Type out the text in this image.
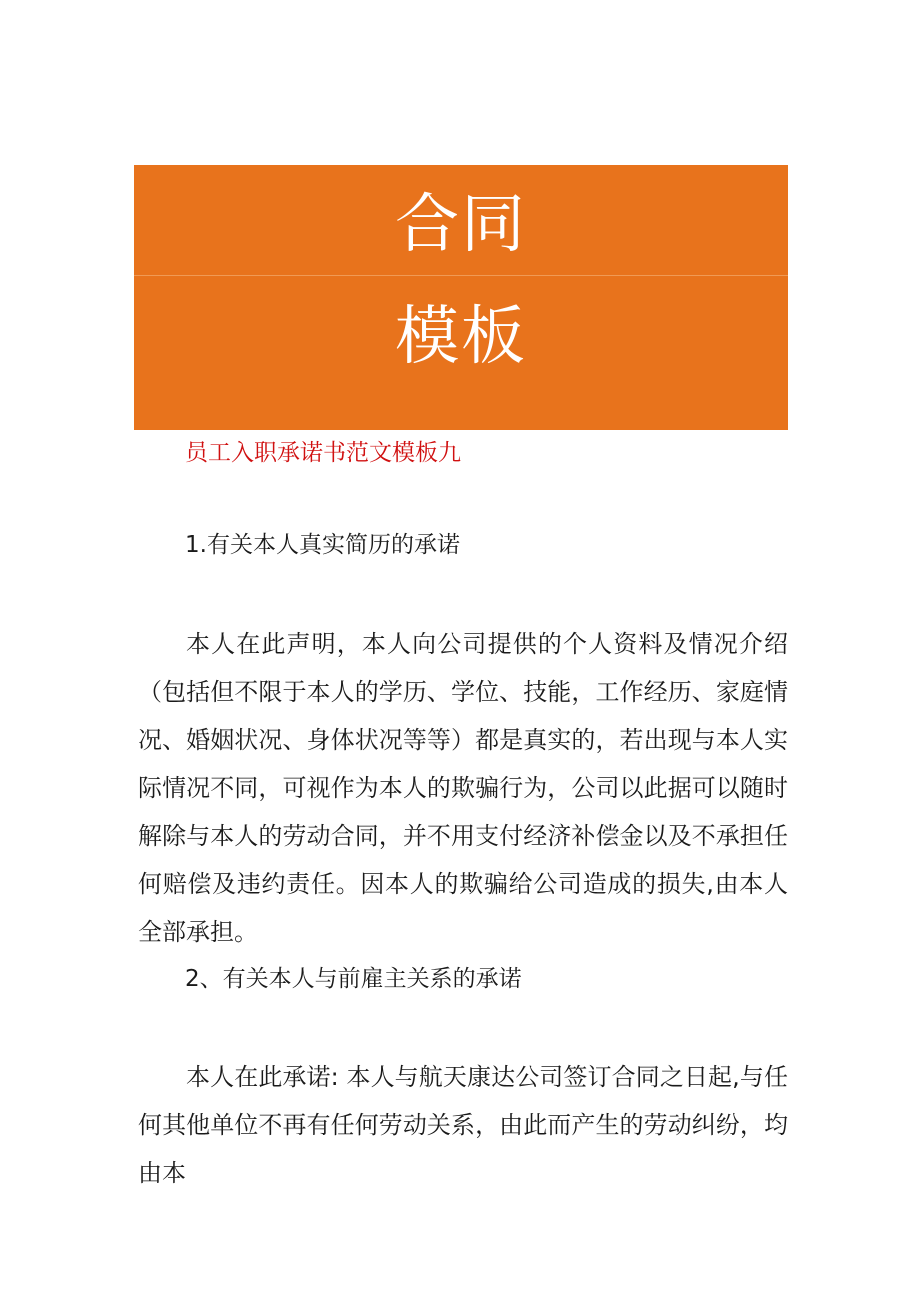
合同
模板
员工入职承诺书范文模板九
1.有关本人真实简历的承诺
本人在此声明，本人向公司提供的个人资料及情况介绍（包括但不限于本人的学历、学位、技能，工作经历、家庭情况、婚姻状况、身体状况等等）都是真实的，若出现与本人实际情况不同，可视作为本人的欺骗行为，公司以此据可以随时解除与本人的劳动合同，并不用支付经济补偿金以及不承担任何赔偿及违约责任。因本人的欺骗给公司造成的损失,由本人全部承担。
2、有关本人与前雇主关系的承诺
本人在此承诺: 本人与航天康达公司签订合同之日起,与任何其他单位不再有任何劳动关系，由此而产生的劳动纠纷，均由本
